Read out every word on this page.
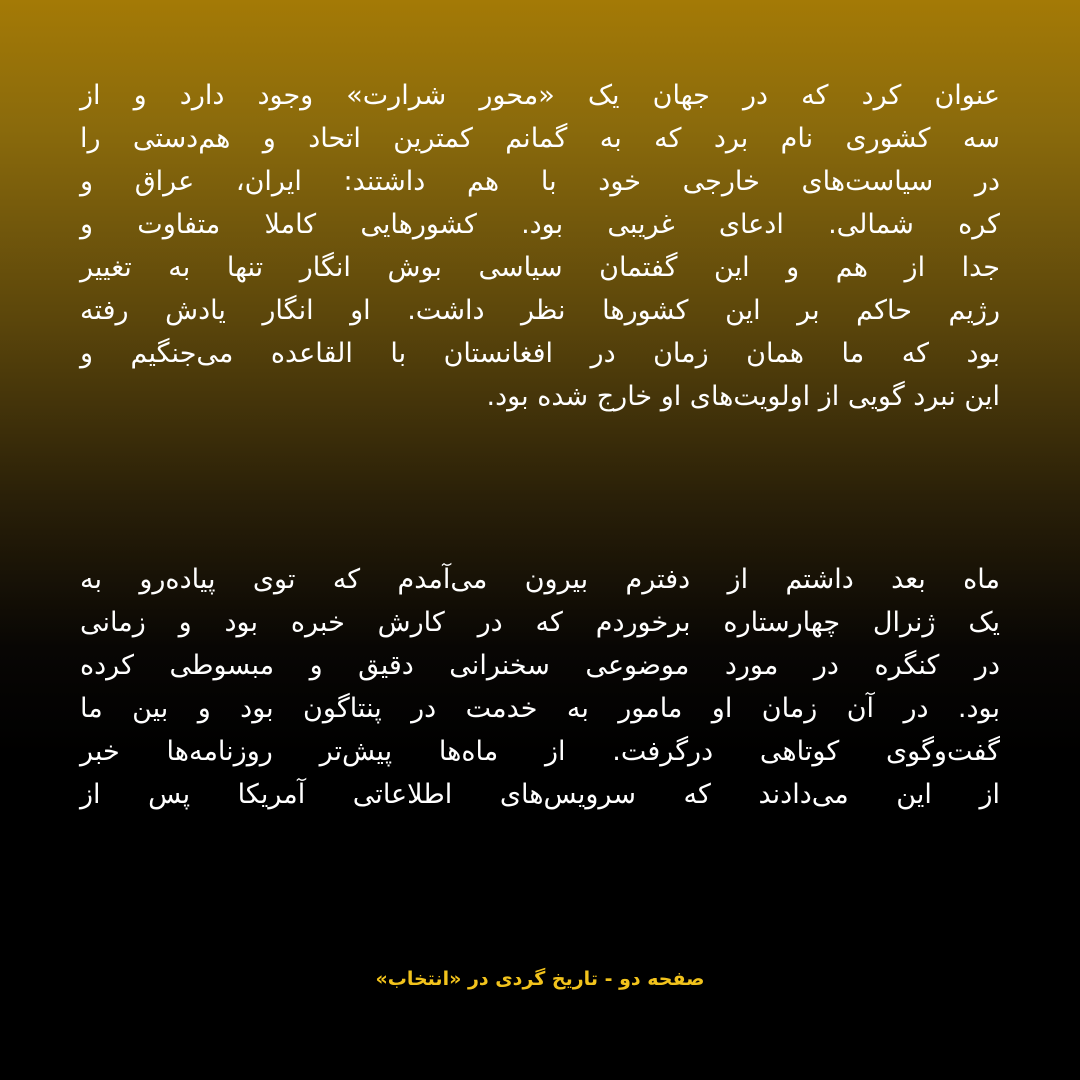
عنوان کرد که در جهان یک «محور شرارت» وجود دارد و از
سه کشوری نام برد که به گمانم کمترین اتحاد و هم‌دستی را
در سیاست‌های خارجی خود با هم داشتند: ایران، عراق و
کره شمالی. ادعای غریبی بود. کشورهایی کاملا متفاوت و
جدا از هم و این گفتمان سیاسی بوش انگار تنها به تغییر
رژیم حاکم بر این کشورها نظر داشت. او انگار یادش رفته
بود که ما همان زمان در افغانستان با القاعده می‌جنگیم و
این نبرد گویی از اولویت‌های او خارج شده بود.
ماه بعد داشتم از دفترم بیرون می‌آمدم که توی پیاده‌رو به
یک ژنرال چهارستاره برخوردم که در کارش خبره بود و زمانی
در کنگره در مورد موضوعی سخنرانی دقیق و مبسوطی کرده
بود. در آن زمان او مامور به خدمت در پنتاگون بود و بین ما
گفت‌وگوی کوتاهی درگرفت. از ماه‌ها پیش‌تر روزنامه‌ها خبر
از این می‌دادند که سرویس‌های اطلاعاتی آمریکا پس از
صفحه دو - تاریخ گردی در «انتخاب»
